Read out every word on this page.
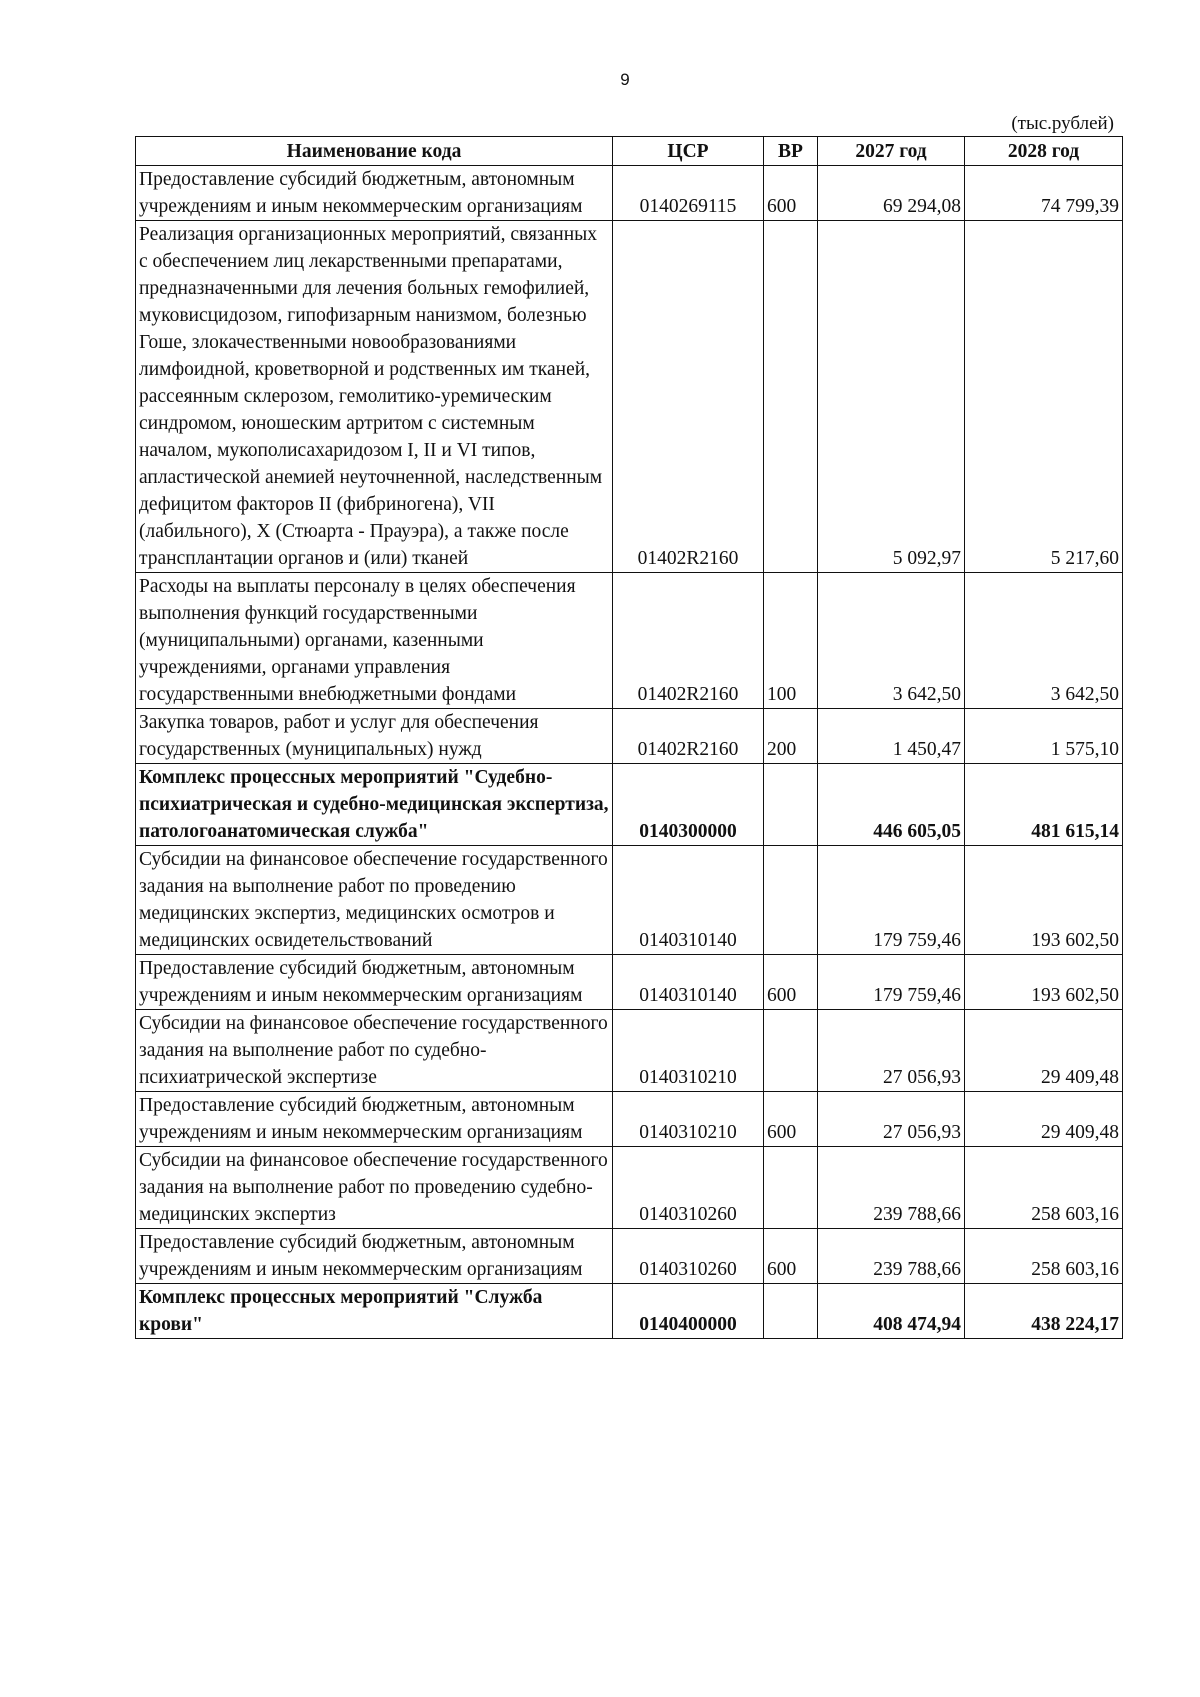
9
(тыс.рублей)
Наименование кода	ЦСР	ВР	2027 год	2028 год
Предоставление субсидий бюджетным, автономным учреждениям и иным некоммерческим организациям	0140269115	600	69 294,08	74 799,39
Реализация организационных мероприятий, связанных с обеспечением лиц лекарственными препаратами, предназначенными для лечения больных гемофилией, муковисцидозом, гипофизарным нанизмом, болезнью Гоше, злокачественными новообразованиями лимфоидной, кроветворной и родственных им тканей, рассеянным склерозом, гемолитико-уремическим синдромом, юношеским артритом с системным началом, мукополисахаридозом I, II и VI типов, апластической анемией неуточненной, наследственным дефицитом факторов II (фибриногена), VII (лабильного), X (Стюарта - Прауэра), а также после трансплантации органов и (или) тканей	01402R2160		5 092,97	5 217,60
Расходы на выплаты персоналу в целях обеспечения выполнения функций государственными (муниципальными) органами, казенными учреждениями, органами управления государственными внебюджетными фондами	01402R2160	100	3 642,50	3 642,50
Закупка товаров, работ и услуг для обеспечения государственных (муниципальных) нужд	01402R2160	200	1 450,47	1 575,10
Комплекс процессных мероприятий "Судебно-психиатрическая и судебно-медицинская экспертиза, патологоанатомическая служба"	0140300000		446 605,05	481 615,14
Субсидии на финансовое обеспечение государственного задания на выполнение работ по проведению медицинских экспертиз, медицинских осмотров и медицинских освидетельствований	0140310140		179 759,46	193 602,50
Предоставление субсидий бюджетным, автономным учреждениям и иным некоммерческим организациям	0140310140	600	179 759,46	193 602,50
Субсидии на финансовое обеспечение государственного задания на выполнение работ по судебно-психиатрической экспертизе	0140310210		27 056,93	29 409,48
Предоставление субсидий бюджетным, автономным учреждениям и иным некоммерческим организациям	0140310210	600	27 056,93	29 409,48
Субсидии на финансовое обеспечение государственного задания на выполнение работ по проведению судебно-медицинских экспертиз	0140310260		239 788,66	258 603,16
Предоставление субсидий бюджетным, автономным учреждениям и иным некоммерческим организациям	0140310260	600	239 788,66	258 603,16
Комплекс процессных мероприятий "Служба крови"	0140400000		408 474,94	438 224,17
